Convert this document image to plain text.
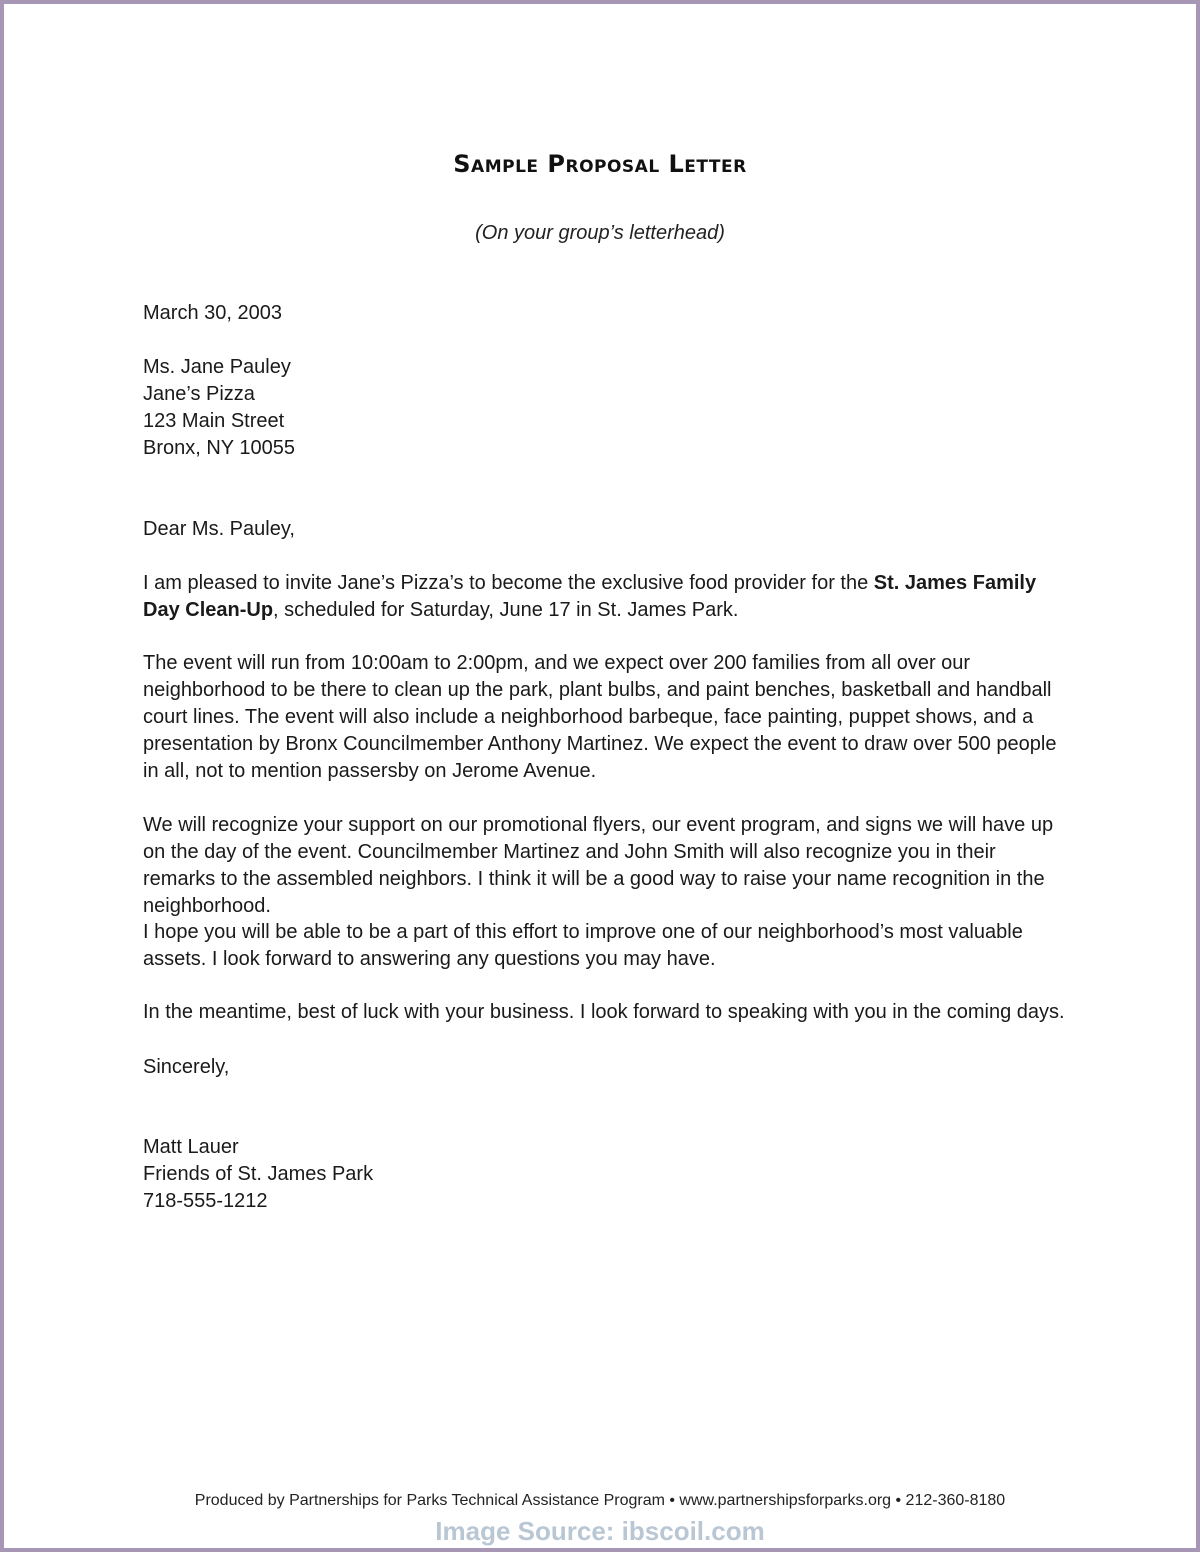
Sample Proposal Letter
(On your group’s letterhead)
March 30, 2003
Ms. Jane Pauley
Jane’s Pizza
123 Main Street
Bronx, NY 10055
Dear Ms. Pauley,
I am pleased to invite Jane’s Pizza’s to become the exclusive food provider for the St. James Family Day Clean-Up, scheduled for Saturday, June 17 in St. James Park.
The event will run from 10:00am to 2:00pm, and we expect over 200 families from all over our neighborhood to be there to clean up the park, plant bulbs, and paint benches, basketball and handball court lines. The event will also include a neighborhood barbeque, face painting, puppet shows, and a presentation by Bronx Councilmember Anthony Martinez. We expect the event to draw over 500 people in all, not to mention passersby on Jerome Avenue.
We will recognize your support on our promotional flyers, our event program, and signs we will have up on the day of the event. Councilmember Martinez and John Smith will also recognize you in their remarks to the assembled neighbors. I think it will be a good way to raise your name recognition in the neighborhood.
I hope you will be able to be a part of this effort to improve one of our neighborhood’s most valuable assets. I look forward to answering any questions you may have.
In the meantime, best of luck with your business. I look forward to speaking with you in the coming days.
Sincerely,
Matt Lauer
Friends of St. James Park
718-555-1212
Produced by Partnerships for Parks Technical Assistance Program • www.partnershipsforparks.org • 212-360-8180
Image Source: ibscoil.com
